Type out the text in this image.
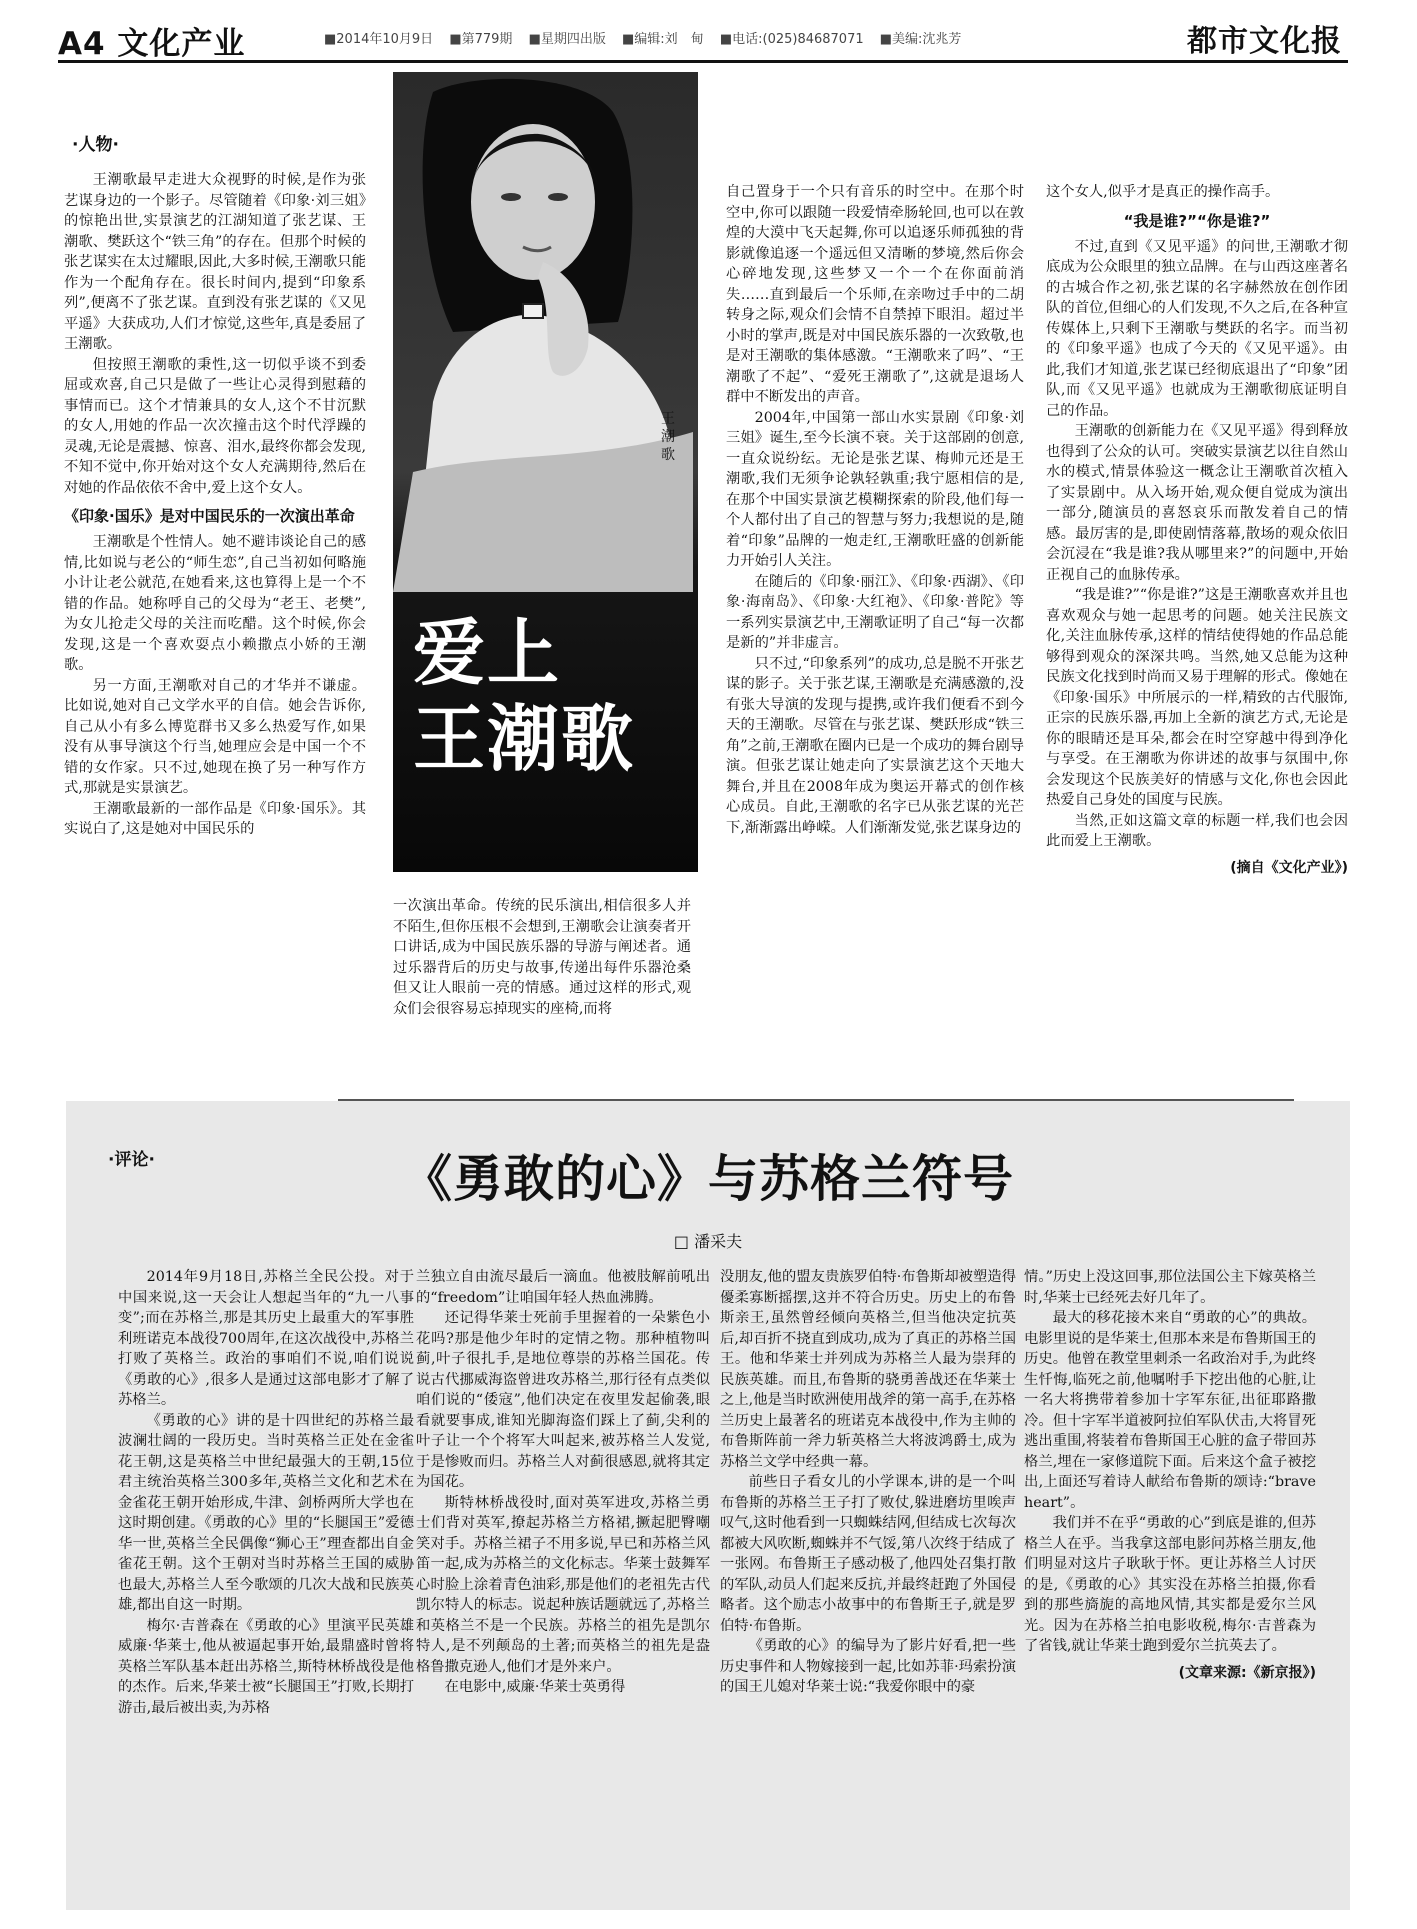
A4 文化产业	■2014年10月9日 ■第779期 ■星期四出版 ■编辑:刘　甸 ■电话:(025)84687071 ■美编:沈兆芳	都市文化报
·人物·

王潮歌最早走进大众视野的时候,是作为张艺谋身边的一个影子。尽管随着《印象·刘三姐》的惊艳出世,实景演艺的江湖知道了张艺谋、王潮歌、樊跃这个“铁三角”的存在。但那个时候的张艺谋实在太过耀眼,因此,大多时候,王潮歌只能作为一个配角存在。很长时间内,提到“印象系列”,便离不了张艺谋。直到没有张艺谋的《又见平遥》大获成功,人们才惊觉,这些年,真是委屈了王潮歌。

但按照王潮歌的秉性,这一切似乎谈不到委屈或欢喜,自己只是做了一些让心灵得到慰藉的事情而已。这个才情兼具的女人,这个不甘沉默的女人,用她的作品一次次撞击这个时代浮躁的灵魂,无论是震撼、惊喜、泪水,最终你都会发现,不知不觉中,你开始对这个女人充满期待,然后在对她的作品依依不舍中,爱上这个女人。

《印象·国乐》是对中国民乐的一次演出革命

王潮歌是个性情人。她不避讳谈论自己的感情,比如说与老公的“师生恋”,自己当初如何略施小计让老公就范,在她看来,这也算得上是一个不错的作品。她称呼自己的父母为“老王、老樊”,为女儿抢走父母的关注而吃醋。这个时候,你会发现,这是一个喜欢耍点小赖撒点小娇的王潮歌。

另一方面,王潮歌对自己的才华并不谦虚。比如说,她对自己文学水平的自信。她会告诉你,自己从小有多么博览群书又多么热爱写作,如果没有从事导演这个行当,她理应会是中国一个不错的女作家。只不过,她现在换了另一种写作方式,那就是实景演艺。

王潮歌最新的一部作品是《印象·国乐》。其实说白了,这是她对中国民乐的

王潮歌
爱上
王潮歌
□张斯夫

一次演出革命。传统的民乐演出,相信很多人并不陌生,但你压根不会想到,王潮歌会让演奏者开口讲话,成为中国民族乐器的导游与阐述者。通过乐器背后的历史与故事,传递出每件乐器沧桑但又让人眼前一亮的情感。通过这样的形式,观众们会很容易忘掉现实的座椅,而将

自己置身于一个只有音乐的时空中。在那个时空中,你可以跟随一段爱情牵肠轮回,也可以在敦煌的大漠中飞天起舞,你可以追逐乐师孤独的背影就像追逐一个遥远但又清晰的梦境,然后你会心碎地发现,这些梦又一个一个在你面前消失……直到最后一个乐师,在亲吻过手中的二胡转身之际,观众们会情不自禁掉下眼泪。超过半小时的掌声,既是对中国民族乐器的一次致敬,也是对王潮歌的集体感激。“王潮歌来了吗”、“王潮歌了不起”、“爱死王潮歌了”,这就是退场人群中不断发出的声音。

2004年,中国第一部山水实景剧《印象·刘三姐》诞生,至今长演不衰。关于这部剧的创意,一直众说纷纭。无论是张艺谋、梅帅元还是王潮歌,我们无须争论孰轻孰重;我宁愿相信的是,在那个中国实景演艺模糊探索的阶段,他们每一个人都付出了自己的智慧与努力;我想说的是,随着“印象”品牌的一炮走红,王潮歌旺盛的创新能力开始引人关注。

在随后的《印象·丽江》、《印象·西湖》、《印象·海南岛》、《印象·大红袍》、《印象·普陀》等一系列实景演艺中,王潮歌证明了自己“每一次都是新的”并非虚言。

只不过,“印象系列”的成功,总是脱不开张艺谋的影子。关于张艺谋,王潮歌是充满感激的,没有张大导演的发现与提携,或许我们便看不到今天的王潮歌。尽管在与张艺谋、樊跃形成“铁三角”之前,王潮歌在圈内已是一个成功的舞台剧导演。但张艺谋让她走向了实景演艺这个天地大舞台,并且在2008年成为奥运开幕式的创作核心成员。自此,王潮歌的名字已从张艺谋的光芒下,渐渐露出峥嵘。人们渐渐发觉,张艺谋身边的

这个女人,似乎才是真正的操作高手。

“我是谁?”“你是谁?”

不过,直到《又见平遥》的问世,王潮歌才彻底成为公众眼里的独立品牌。在与山西这座著名的古城合作之初,张艺谋的名字赫然放在创作团队的首位,但细心的人们发现,不久之后,在各种宣传媒体上,只剩下王潮歌与樊跃的名字。而当初的《印象平遥》也成了今天的《又见平遥》。由此,我们才知道,张艺谋已经彻底退出了“印象”团队,而《又见平遥》也就成为王潮歌彻底证明自己的作品。

王潮歌的创新能力在《又见平遥》得到释放也得到了公众的认可。突破实景演艺以往自然山水的模式,情景体验这一概念让王潮歌首次植入了实景剧中。从入场开始,观众便自觉成为演出一部分,随演员的喜怒哀乐而散发着自己的情感。最厉害的是,即使剧情落幕,散场的观众依旧会沉浸在“我是谁?我从哪里来?”的问题中,开始正视自己的血脉传承。

“我是谁?”“你是谁?”这是王潮歌喜欢并且也喜欢观众与她一起思考的问题。她关注民族文化,关注血脉传承,这样的情结使得她的作品总能够得到观众的深深共鸣。当然,她又总能为这种民族文化找到时尚而又易于理解的形式。像她在《印象·国乐》中所展示的一样,精致的古代服饰,正宗的民族乐器,再加上全新的演艺方式,无论是你的眼睛还是耳朵,都会在时空穿越中得到净化与享受。在王潮歌为你讲述的故事与氛围中,你会发现这个民族美好的情感与文化,你也会因此热爱自己身处的国度与民族。

当然,正如这篇文章的标题一样,我们也会因此而爱上王潮歌。

(摘自《文化产业》)
·评论·	《勇敢的心》与苏格兰符号
□ 潘采夫

2014年9月18日,苏格兰全民公投。对于中国来说,这一天会让人想起当年的“九一八事变”;而在苏格兰,那是其历史上最重大的军事胜利班诺克本战役700周年,在这次战役中,苏格兰打败了英格兰。政治的事咱们不说,咱们说说《勇敢的心》,很多人是通过这部电影才了解了苏格兰。

《勇敢的心》讲的是十四世纪的苏格兰最波澜壮阔的一段历史。当时英格兰正处在金雀花王朝,这是英格兰中世纪最强大的王朝,15位君主统治英格兰300多年,英格兰文化和艺术在金雀花王朝开始形成,牛津、剑桥两所大学也在这时期创建。《勇敢的心》里的“长腿国王”爱德华一世,英格兰全民偶像“狮心王”理查都出自金雀花王朝。这个王朝对当时苏格兰王国的威胁也最大,苏格兰人至今歌颂的几次大战和民族英雄,都出自这一时期。

梅尔·吉普森在《勇敢的心》里演平民英雄威廉·华莱士,他从被逼起事开始,最鼎盛时曾将英格兰军队基本赶出苏格兰,斯特林桥战役是他的杰作。后来,华莱士被“长腿国王”打败,长期打游击,最后被出卖,为苏格

兰独立自由流尽最后一滴血。他被肢解前吼出的“freedom”让咱国年轻人热血沸腾。

还记得华莱士死前手里握着的一朵紫色小花吗?那是他少年时的定情之物。那种植物叫蓟,叶子很扎手,是地位尊崇的苏格兰国花。传说古代挪威海盗曾进攻苏格兰,那行径有点类似咱们说的“倭寇”,他们决定在夜里发起偷袭,眼看就要事成,谁知光脚海盗们踩上了蓟,尖利的叶子让一个个将军大叫起来,被苏格兰人发觉,于是惨败而归。苏格兰人对蓟很感恩,就将其定为国花。

斯特林桥战役时,面对英军进攻,苏格兰勇士们背对英军,撩起苏格兰方格裙,撅起肥臀嘲笑对手。苏格兰裙子不用多说,早已和苏格兰风笛一起,成为苏格兰的文化标志。华莱士鼓舞军心时脸上涂着青色油彩,那是他们的老祖先古代凯尔特人的标志。说起种族话题就远了,苏格兰和英格兰不是一个民族。苏格兰的祖先是凯尔特人,是不列颠岛的土著;而英格兰的祖先是盎格鲁撒克逊人,他们才是外来户。

在电影中,威廉·华莱士英勇得

没朋友,他的盟友贵族罗伯特·布鲁斯却被塑造得優柔寡断摇摆,这并不符合历史。历史上的布鲁斯亲王,虽然曾经倾向英格兰,但当他决定抗英后,却百折不挠直到成功,成为了真正的苏格兰国王。他和华莱士并列成为苏格兰人最为崇拜的民族英雄。而且,布鲁斯的骁勇善战还在华莱士之上,他是当时欧洲使用战斧的第一高手,在苏格兰历史上最著名的班诺克本战役中,作为主帅的布鲁斯阵前一斧力斩英格兰大将波鸿爵士,成为苏格兰文学中经典一幕。

前些日子看女儿的小学课本,讲的是一个叫布鲁斯的苏格兰王子打了败仗,躲进磨坊里唉声叹气,这时他看到一只蜘蛛结网,但结成七次每次都被大风吹断,蜘蛛并不气馁,第八次终于结成了一张网。布鲁斯王子感动极了,他四处召集打散的军队,动员人们起来反抗,并最终赶跑了外国侵略者。这个励志小故事中的布鲁斯王子,就是罗伯特·布鲁斯。

《勇敢的心》的编导为了影片好看,把一些历史事件和人物嫁接到一起,比如苏菲·玛索扮演的国王儿媳对华莱士说:“我爱你眼中的豪

情。”历史上没这回事,那位法国公主下嫁英格兰时,华莱士已经死去好几年了。

最大的移花接木来自“勇敢的心”的典故。电影里说的是华莱士,但那本来是布鲁斯国王的历史。他曾在教堂里刺杀一名政治对手,为此终生忏悔,临死之前,他嘱咐手下挖出他的心脏,让一名大将携带着参加十字军东征,出征耶路撒冷。但十字军半道被阿拉伯军队伏击,大将冒死逃出重围,将装着布鲁斯国王心脏的盒子带回苏格兰,埋在一家修道院下面。后来这个盒子被挖出,上面还写着诗人献给布鲁斯的颂诗:“brave heart”。

我们并不在乎“勇敢的心”到底是谁的,但苏格兰人在乎。当我拿这部电影问苏格兰朋友,他们明显对这片子耿耿于怀。更让苏格兰人讨厌的是,《勇敢的心》其实没在苏格兰拍摄,你看到的那些旖旎的高地风情,其实都是爱尔兰风光。因为在苏格兰拍电影收税,梅尔·吉普森为了省钱,就让华莱士跑到爱尔兰抗英去了。

(文章来源:《新京报》)
